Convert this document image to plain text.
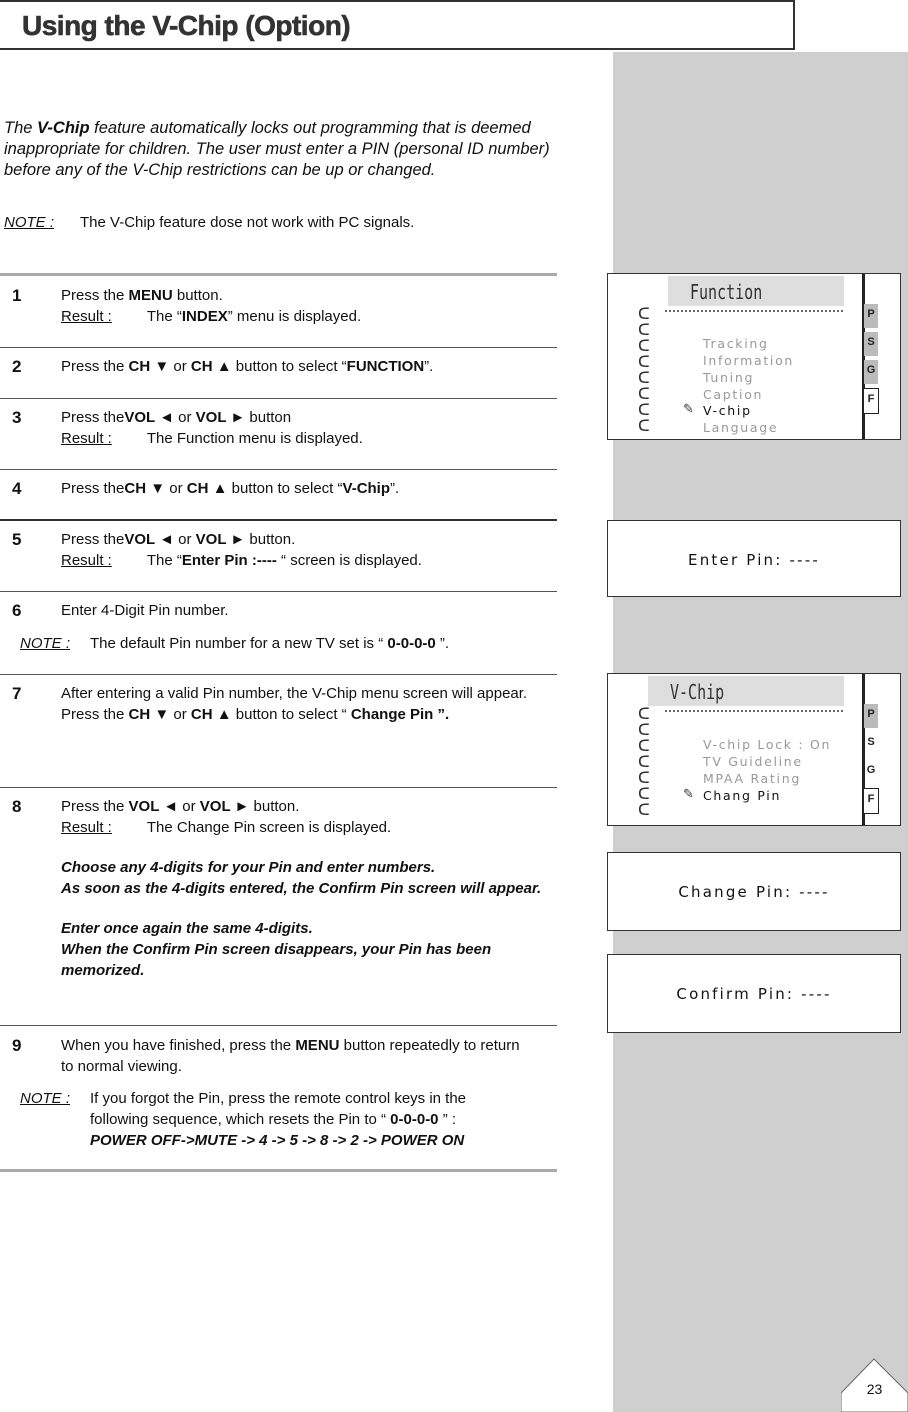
Using the V-Chip (Option)
The V-Chip feature automatically locks out programming that is deemed inappropriate for children. The user must enter a PIN (personal ID number) before any of the V-Chip restrictions can be up or changed.
NOTE : The V-Chip feature dose not work with PC signals.
1	Press the MENU button.
Result : The “INDEX” menu is displayed.
2	Press the CH ▼ or CH ▲ button to select “FUNCTION”.
3	Press theVOL ◄ or VOL ► button
Result : The Function menu is displayed.
4	Press theCH ▼ or CH ▲ button to select “V-Chip”.
5	Press theVOL ◄ or VOL ► button.
Result : The “Enter Pin :---- “ screen is displayed.
6	Enter 4-Digit Pin number.
NOTE : The default Pin number for a new TV set is “ 0-0-0-0 ”.
7	After entering a valid Pin number, the V-Chip menu screen will appear.
Press the CH ▼ or CH ▲ button to select “ Change Pin ”.
8	Press the VOL ◄ or VOL ► button.
Result : The Change Pin screen is displayed.
Choose any 4-digits for your Pin and enter numbers.
As soon as the 4-digits entered, the Confirm Pin screen will appear.
Enter once again the same 4-digits.
When the Confirm Pin screen disappears, your Pin has been memorized.
9	When you have finished, press the MENU button repeatedly to return to normal viewing.
NOTE : If you forgot the Pin, press the remote control keys in the
following sequence, which resets the Pin to “ 0-0-0-0 ” :
POWER OFF->MUTE -> 4 -> 5 -> 8 -> 2 -> POWER ON
Function
ᑕ
ᑕ
ᑕ
ᑕ
ᑕ
ᑕ
ᑕ
ᑕ
Tracking
Information
Tuning
Caption
✎ V-chip
Language
P
S
G
F
Enter Pin: ----
V-Chip
ᑕ
ᑕ
ᑕ
ᑕ
ᑕ
ᑕ
ᑕ
V-chip Lock : On
TV Guideline
MPAA Rating
✎ Chang Pin
P
S
G
F
Change Pin: ----
Confirm Pin: ----
23
